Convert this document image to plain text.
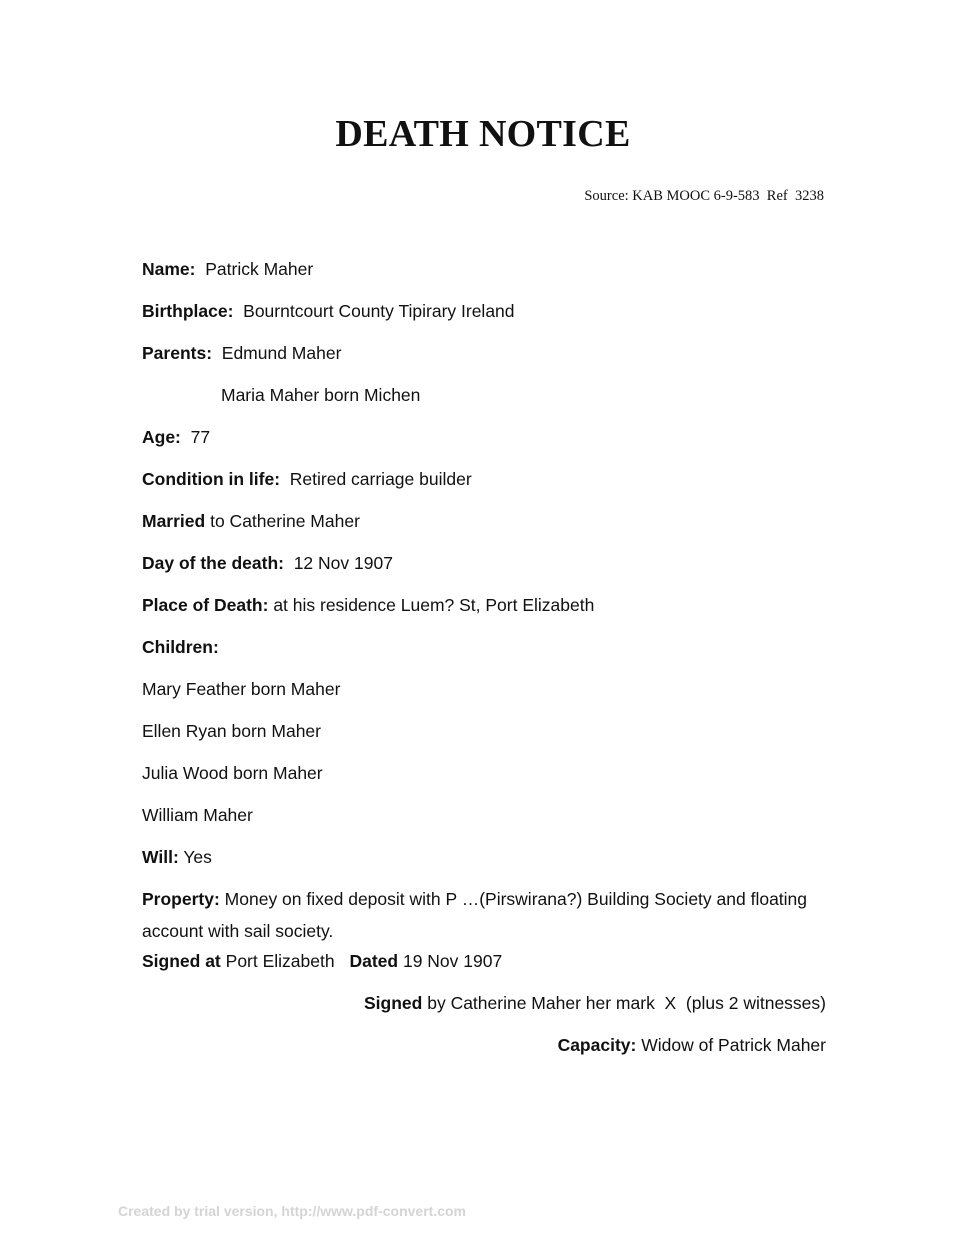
DEATH NOTICE
Source: KAB MOOC 6-9-583  Ref  3238
Name: Patrick Maher
Birthplace: Bourntcourt County Tipirary Ireland
Parents: Edmund Maher
Maria Maher born Michen
Age: 77
Condition in life: Retired carriage builder
Married to Catherine Maher
Day of the death: 12 Nov 1907
Place of Death: at his residence Luem? St, Port Elizabeth
Children:
Mary Feather born Maher
Ellen Ryan born Maher
Julia Wood born Maher
William Maher
Will: Yes
Property: Money on fixed deposit with P …(Pirswirana?) Building Society and floating account with sail society.
Signed at Port Elizabeth Dated 19 Nov 1907
Signed by Catherine Maher her mark  X  (plus 2 witnesses)
Capacity: Widow of Patrick Maher
Created by trial version, http://www.pdf-convert.com
